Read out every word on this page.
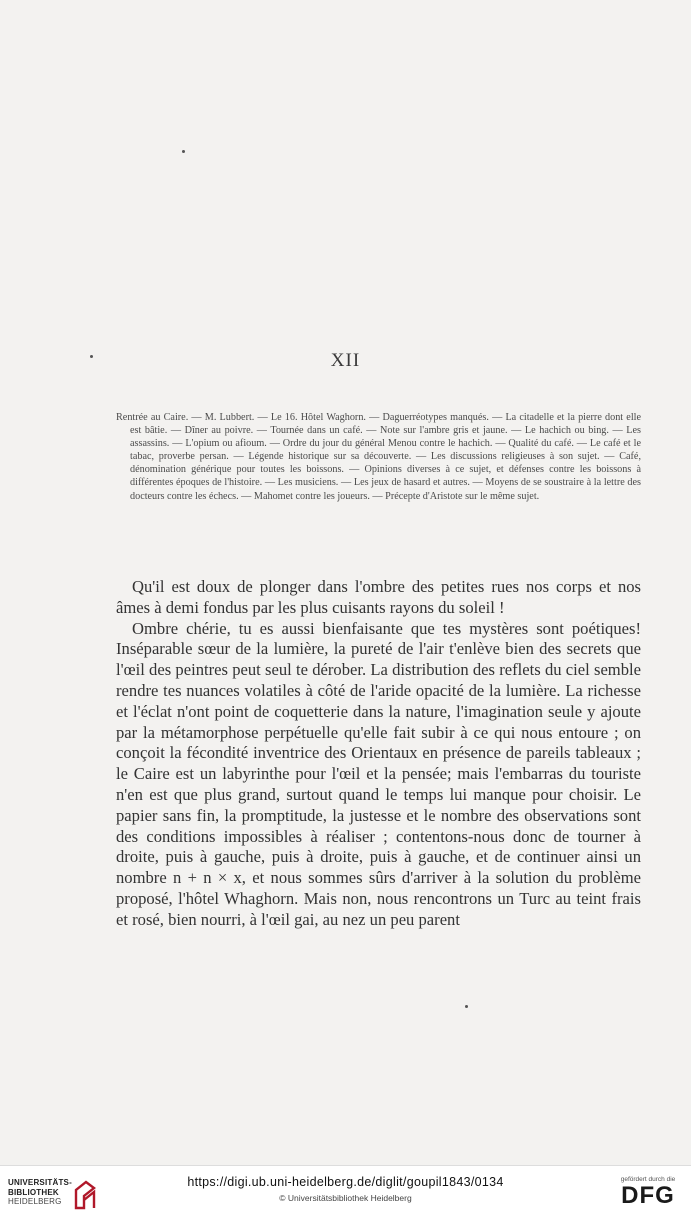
XII

Rentrée au Caire. — M. Lubbert. — Le 16. Hôtel Waghorn. — Daguerréotypes manqués. — La citadelle et la pierre dont elle est bâtie. — Dîner au poivre. — Tournée dans un café. — Note sur l'ambre gris et jaune. — Le hachich ou bing. — Les assassins. — L'opium ou afioum. — Ordre du jour du général Menou contre le hachich. — Qualité du café. — Le café et le tabac, proverbe persan. — Légende historique sur sa découverte. — Les discussions religieuses à son sujet. — Café, dénomination générique pour toutes les boissons. — Opinions diverses à ce sujet, et défenses contre les boissons à différentes époques de l'histoire. — Les musiciens. — Les jeux de hasard et autres. — Moyens de se soustraire à la lettre des docteurs contre les échecs. — Mahomet contre les joueurs. — Précepte d'Aristote sur le même sujet.

Qu'il est doux de plonger dans l'ombre des petites rues nos corps et nos âmes à demi fondus par les plus cuisants rayons du soleil !

Ombre chérie, tu es aussi bienfaisante que tes mystères sont poétiques! Inséparable sœur de la lumière, la pureté de l'air t'enlève bien des secrets que l'œil des peintres peut seul te dérober. La distribution des reflets du ciel semble rendre tes nuances volatiles à côté de l'aride opacité de la lumière. La richesse et l'éclat n'ont point de coquetterie dans la nature, l'imagination seule y ajoute par la métamorphose perpétuelle qu'elle fait subir à ce qui nous entoure ; on conçoit la fécondité inventrice des Orientaux en présence de pareils tableaux ; le Caire est un labyrinthe pour l'œil et la pensée; mais l'embarras du touriste n'en est que plus grand, surtout quand le temps lui manque pour choisir. Le papier sans fin, la promptitude, la justesse et le nombre des observations sont des conditions impossibles à réaliser ; contentons-nous donc de tourner à droite, puis à gauche, puis à droite, puis à gauche, et de continuer ainsi un nombre n + n × x, et nous sommes sûrs d'arriver à la solution du problème proposé, l'hôtel Whaghorn. Mais non, nous rencontrons un Turc au teint frais et rosé, bien nourri, à l'œil gai, au nez un peu parent

UNIVERSITÄTS-
BIBLIOTHEK
HEIDELBERG
https://digi.ub.uni-heidelberg.de/diglit/goupil1843/0134
© Universitätsbibliothek Heidelberg
gefördert durch die
DFG
